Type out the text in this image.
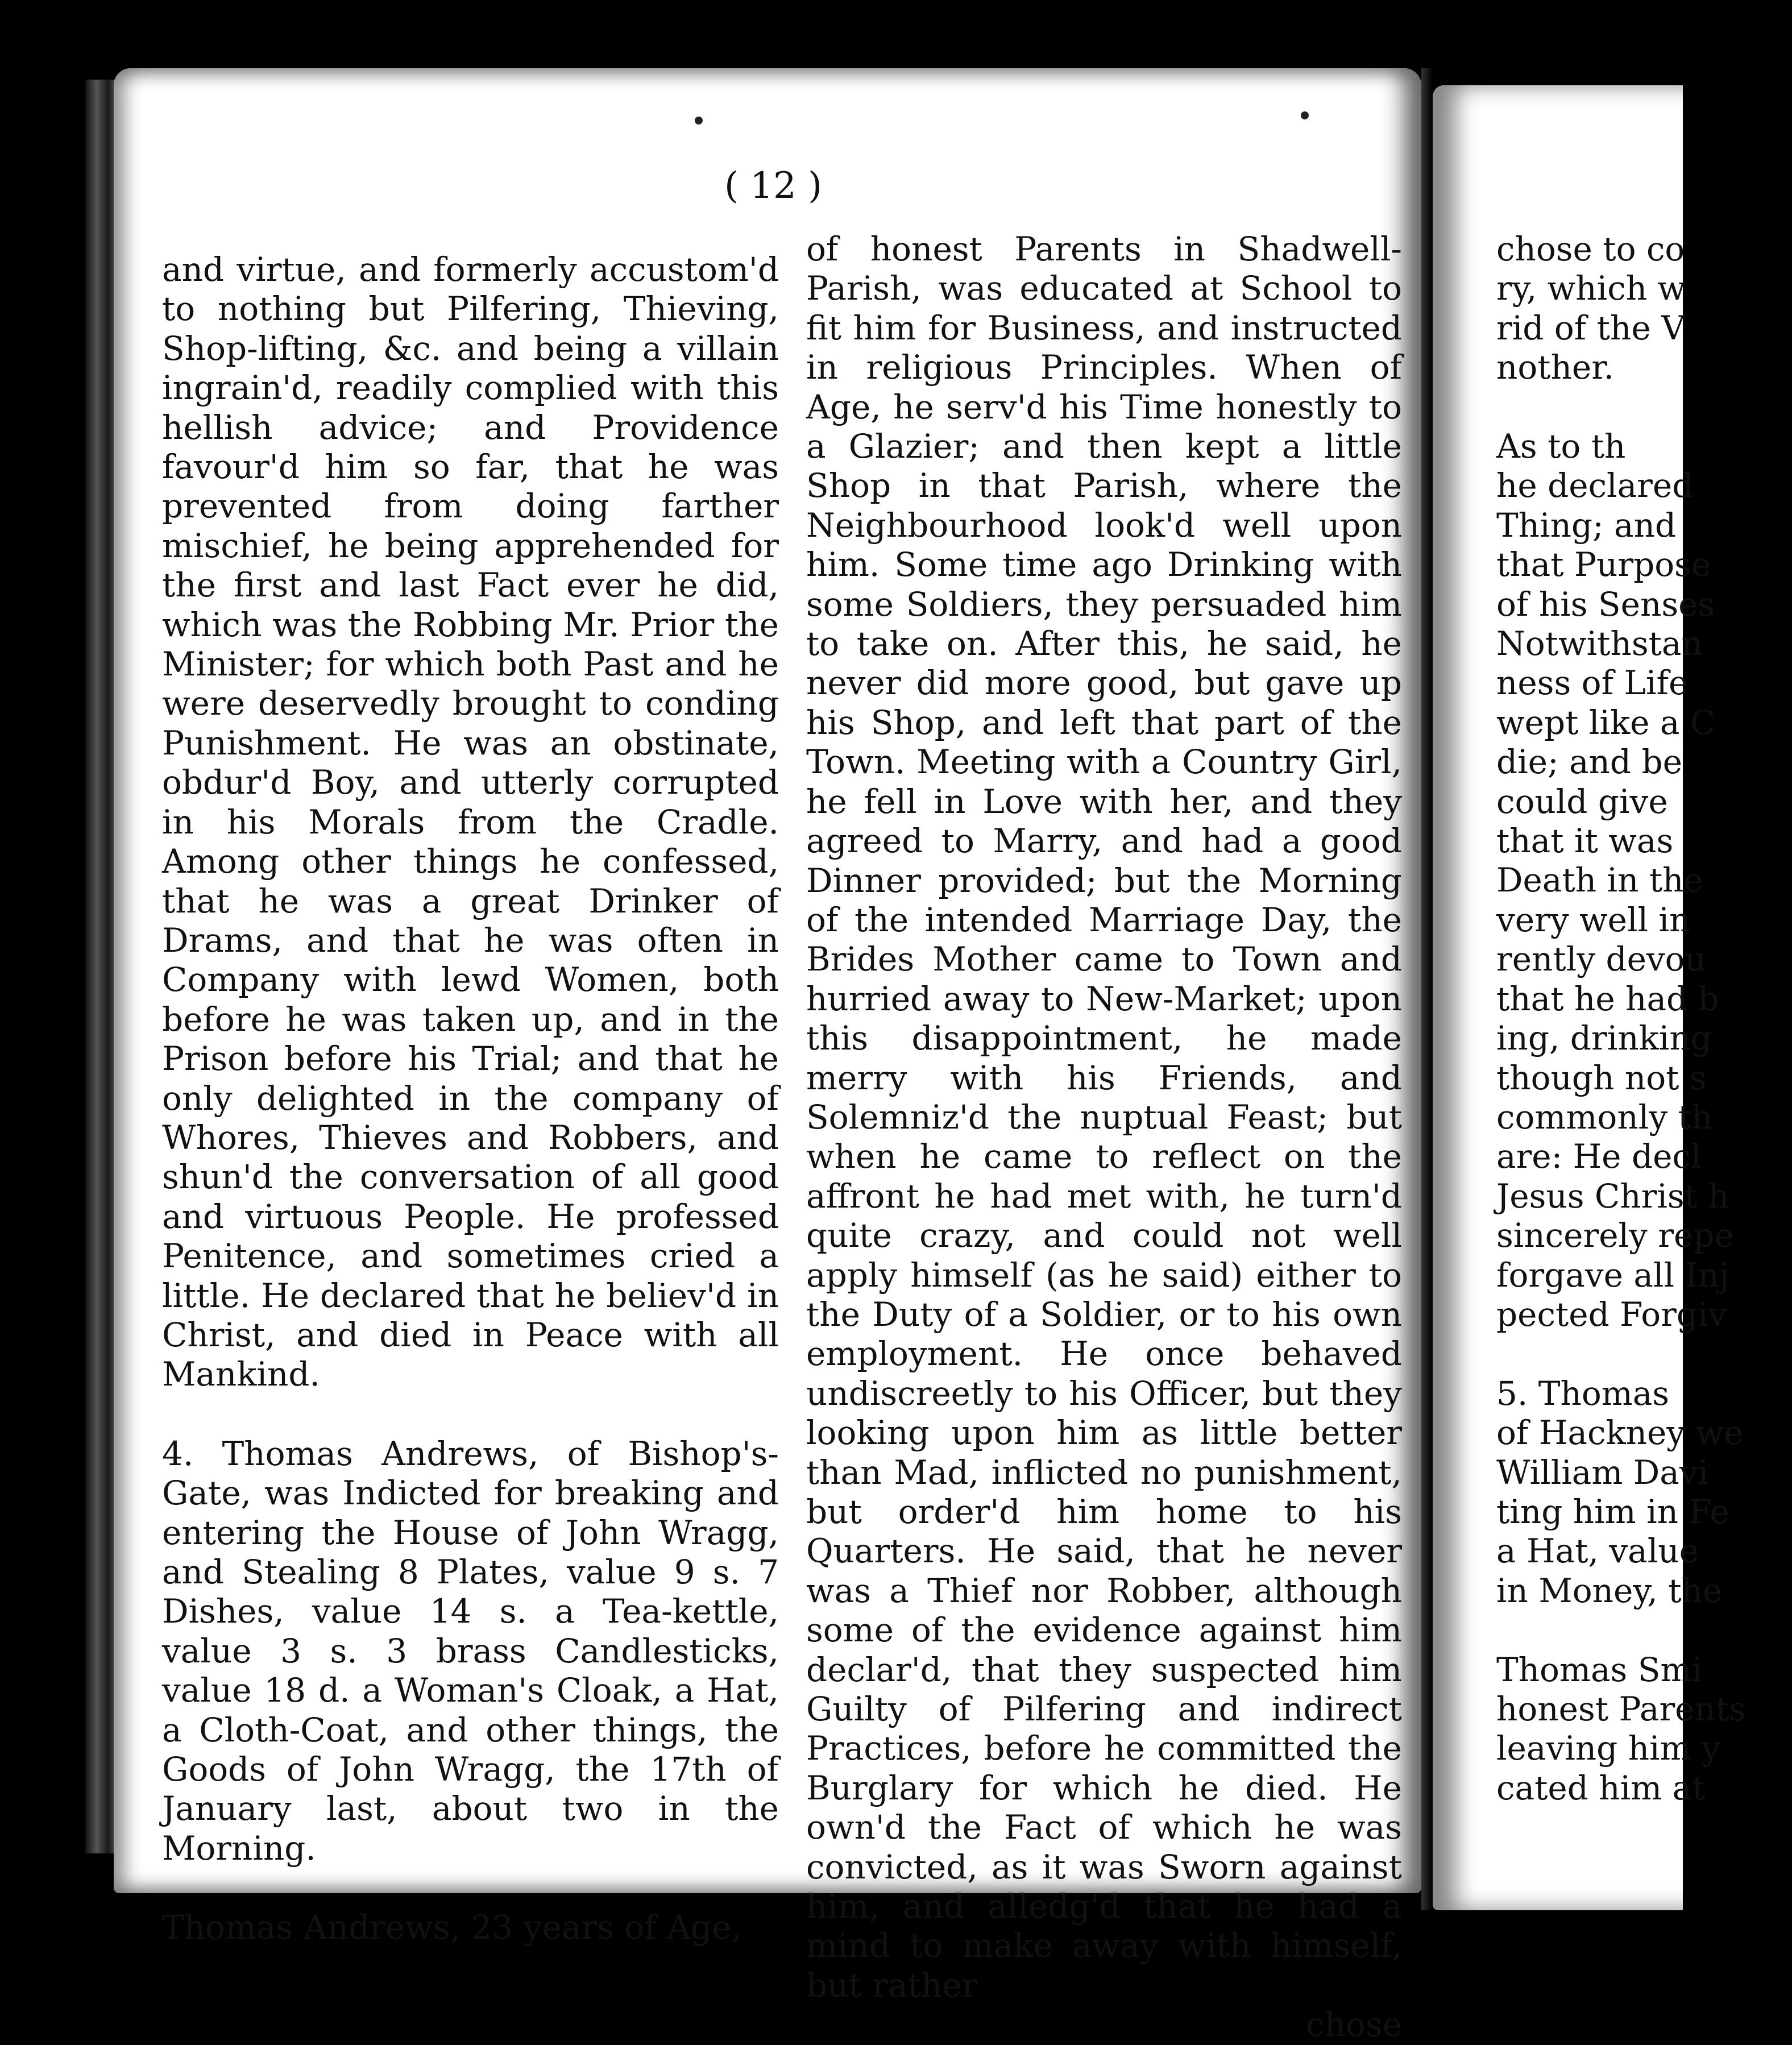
( 12 )

and virtue, and formerly accustom'd to nothing but Pilfering, Thieving, Shop-lifting, &c. and being a villain ingrain'd, readily complied with this hellish advice; and Providence favour'd him so far, that he was prevented from doing farther mischief, he being apprehended for the first and last Fact ever he did, which was the Robbing Mr. Prior the Minister; for which both Past and he were deservedly brought to conding Punishment. He was an obstinate, obdur'd Boy, and utterly corrupted in his Morals from the Cradle. Among other things he confessed, that he was a great Drinker of Drams, and that he was often in Company with lewd Women, both before he was taken up, and in the Prison before his Trial; and that he only delighted in the company of Whores, Thieves and Robbers, and shun'd the conversation of all good and virtuous People. He professed Penitence, and sometimes cried a little. He declared that he believ'd in Christ, and died in Peace with all Mankind.

4. Thomas Andrews, of Bishop's-Gate, was Indicted for breaking and entering the House of John Wragg, and Stealing 8 Plates, value 9 s. 7 Dishes, value 14 s. a Tea-kettle, value 3 s. 3 brass Candlesticks, value 18 d. a Woman's Cloak, a Hat, a Cloth-Coat, and other things, the Goods of John Wragg, the 17th of January last, about two in the Morning.

Thomas Andrews, 23 years of Age,

of honest Parents in Shadwell-Parish, was educated at School to fit him for Business, and instructed in religious Principles. When of Age, he serv'd his Time honestly to a Glazier; and then kept a little Shop in that Parish, where the Neighbourhood look'd well upon him. Some time ago Drinking with some Soldiers, they persuaded him to take on. After this, he said, he never did more good, but gave up his Shop, and left that part of the Town. Meeting with a Country Girl, he fell in Love with her, and they agreed to Marry, and had a good Dinner provided; but the Morning of the intended Marriage Day, the Brides Mother came to Town and hurried away to New-Market; upon this disappointment, he made merry with his Friends, and Solemniz'd the nuptual Feast; but when he came to reflect on the affront he had met with, he turn'd quite crazy, and could not well apply himself (as he said) either to the Duty of a Soldier, or to his own employment. He once behaved undiscreetly to his Officer, but they looking upon him as little better than Mad, inflicted no punishment, but order'd him home to his Quarters. He said, that he never was a Thief nor Robber, although some of the evidence against him declar'd, that they suspected him Guilty of Pilfering and indirect Practices, before he committed the Burglary for which he died. He own'd the Fact of which he was convicted, as it was Sworn against him, and alledg'd that he had a mind to make away with himself, but rather

chose
chose to co
ry, which w
rid of the V
nother.
As to th
he declared
Thing; and
that Purpose
of his Senses
Notwithstan
ness of Life
wept like a C
die; and be
could give
that it was
Death in the
very well in
rently devou
that he had b
ing, drinking
though not s
commonly th
are: He decl
Jesus Christ h
sincerely repe
forgave all Inj
pected Forgiv
5. Thomas
of Hackney we
William Davi
ting him in Fe
a Hat, value
in Money, the
Thomas Smi
honest Parents
leaving him y
cated him at
